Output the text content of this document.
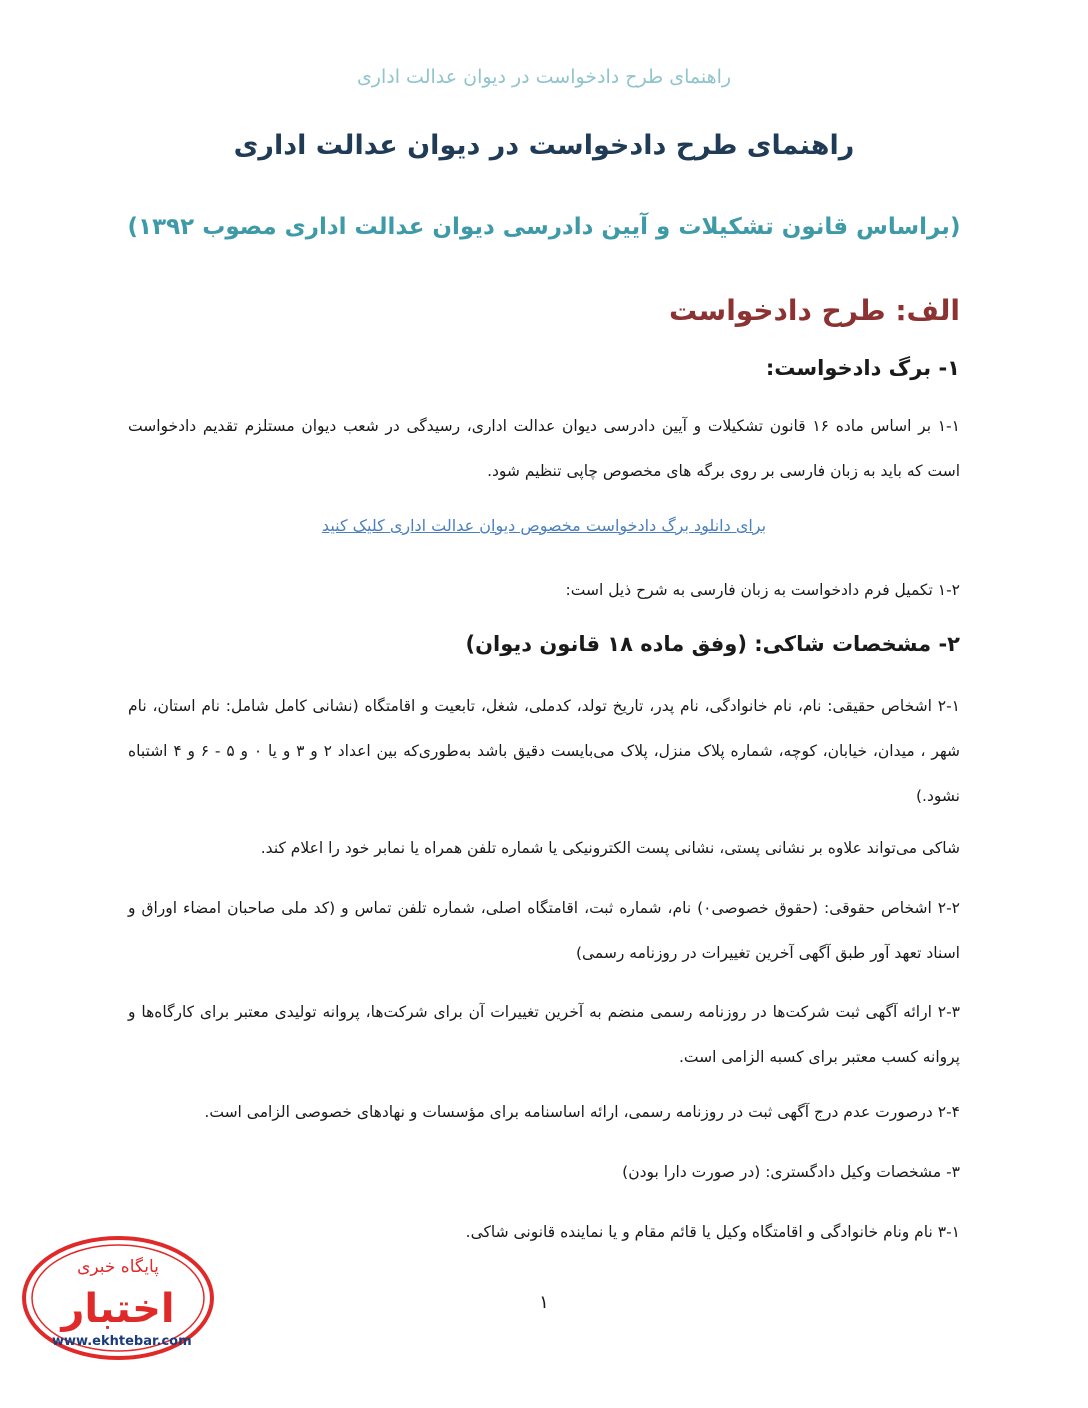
راهنمای طرح دادخواست در دیوان عدالت اداری
راهنمای طرح دادخواست در دیوان عدالت اداری
(براساس قانون تشکیلات و آیین دادرسی دیوان عدالت اداری مصوب ۱۳۹۲)
الف: طرح دادخواست
۱- برگ دادخواست:
۱-۱ بر اساس ماده ۱۶ قانون تشکیلات و آیین دادرسی دیوان عدالت اداری، رسیدگی در شعب دیوان مستلزم تقدیم دادخواست است که باید به زبان فارسی بر روی برگه های مخصوص چاپی تنظیم شود.
برای دانلود برگ دادخواست مخصوص دیوان عدالت اداری کلیک کنید
۱-۲ تکمیل فرم دادخواست به زبان فارسی به شرح ذیل است:
۲- مشخصات شاکی: (وفق ماده ۱۸ قانون دیوان)
۲-۱ اشخاص حقیقی: نام، نام خانوادگی، نام پدر، تاریخ تولد، کدملی، شغل، تابعیت و اقامتگاه (نشانی کامل شامل: نام استان، نام شهر ، میدان، خیابان، کوچه، شماره پلاک منزل، پلاک می‌بایست دقیق باشد به‌طوری‌که بین اعداد ۲ و ۳ و یا ۰ و ۵ - ۶ و ۴ اشتباه نشود.)
شاکی می‌تواند علاوه بر نشانی پستی، نشانی پست الکترونیکی یا شماره تلفن همراه یا نمابر خود را اعلام کند.
۲-۲ اشخاص حقوقی: (حقوق خصوصی٠) نام، شماره ثبت، اقامتگاه اصلی، شماره تلفن تماس و (کد ملی صاحبان امضاء اوراق و اسناد تعهد آور طبق آگهی آخرین تغییرات در روزنامه رسمی)
۲-۳ ارائه آگهی ثبت شرکت‌ها در روزنامه رسمی منضم به آخرین تغییرات آن برای شرکت‌ها، پروانه تولیدی معتبر برای کارگاه‌ها و پروانه کسب معتبر برای کسبه الزامی است.
۲-۴ درصورت عدم درج آگهی ثبت در روزنامه رسمی، ارائه اساسنامه برای مؤسسات و نهادهای خصوصی الزامی است.
۳- مشخصات وکیل دادگستری: (در صورت دارا بودن)
۳-۱ نام ونام خانوادگی و اقامتگاه وکیل یا قائم مقام و یا نماینده قانونی شاکی.
۱
پایگاه خبری
اختبار
www.ekhtebar.com
